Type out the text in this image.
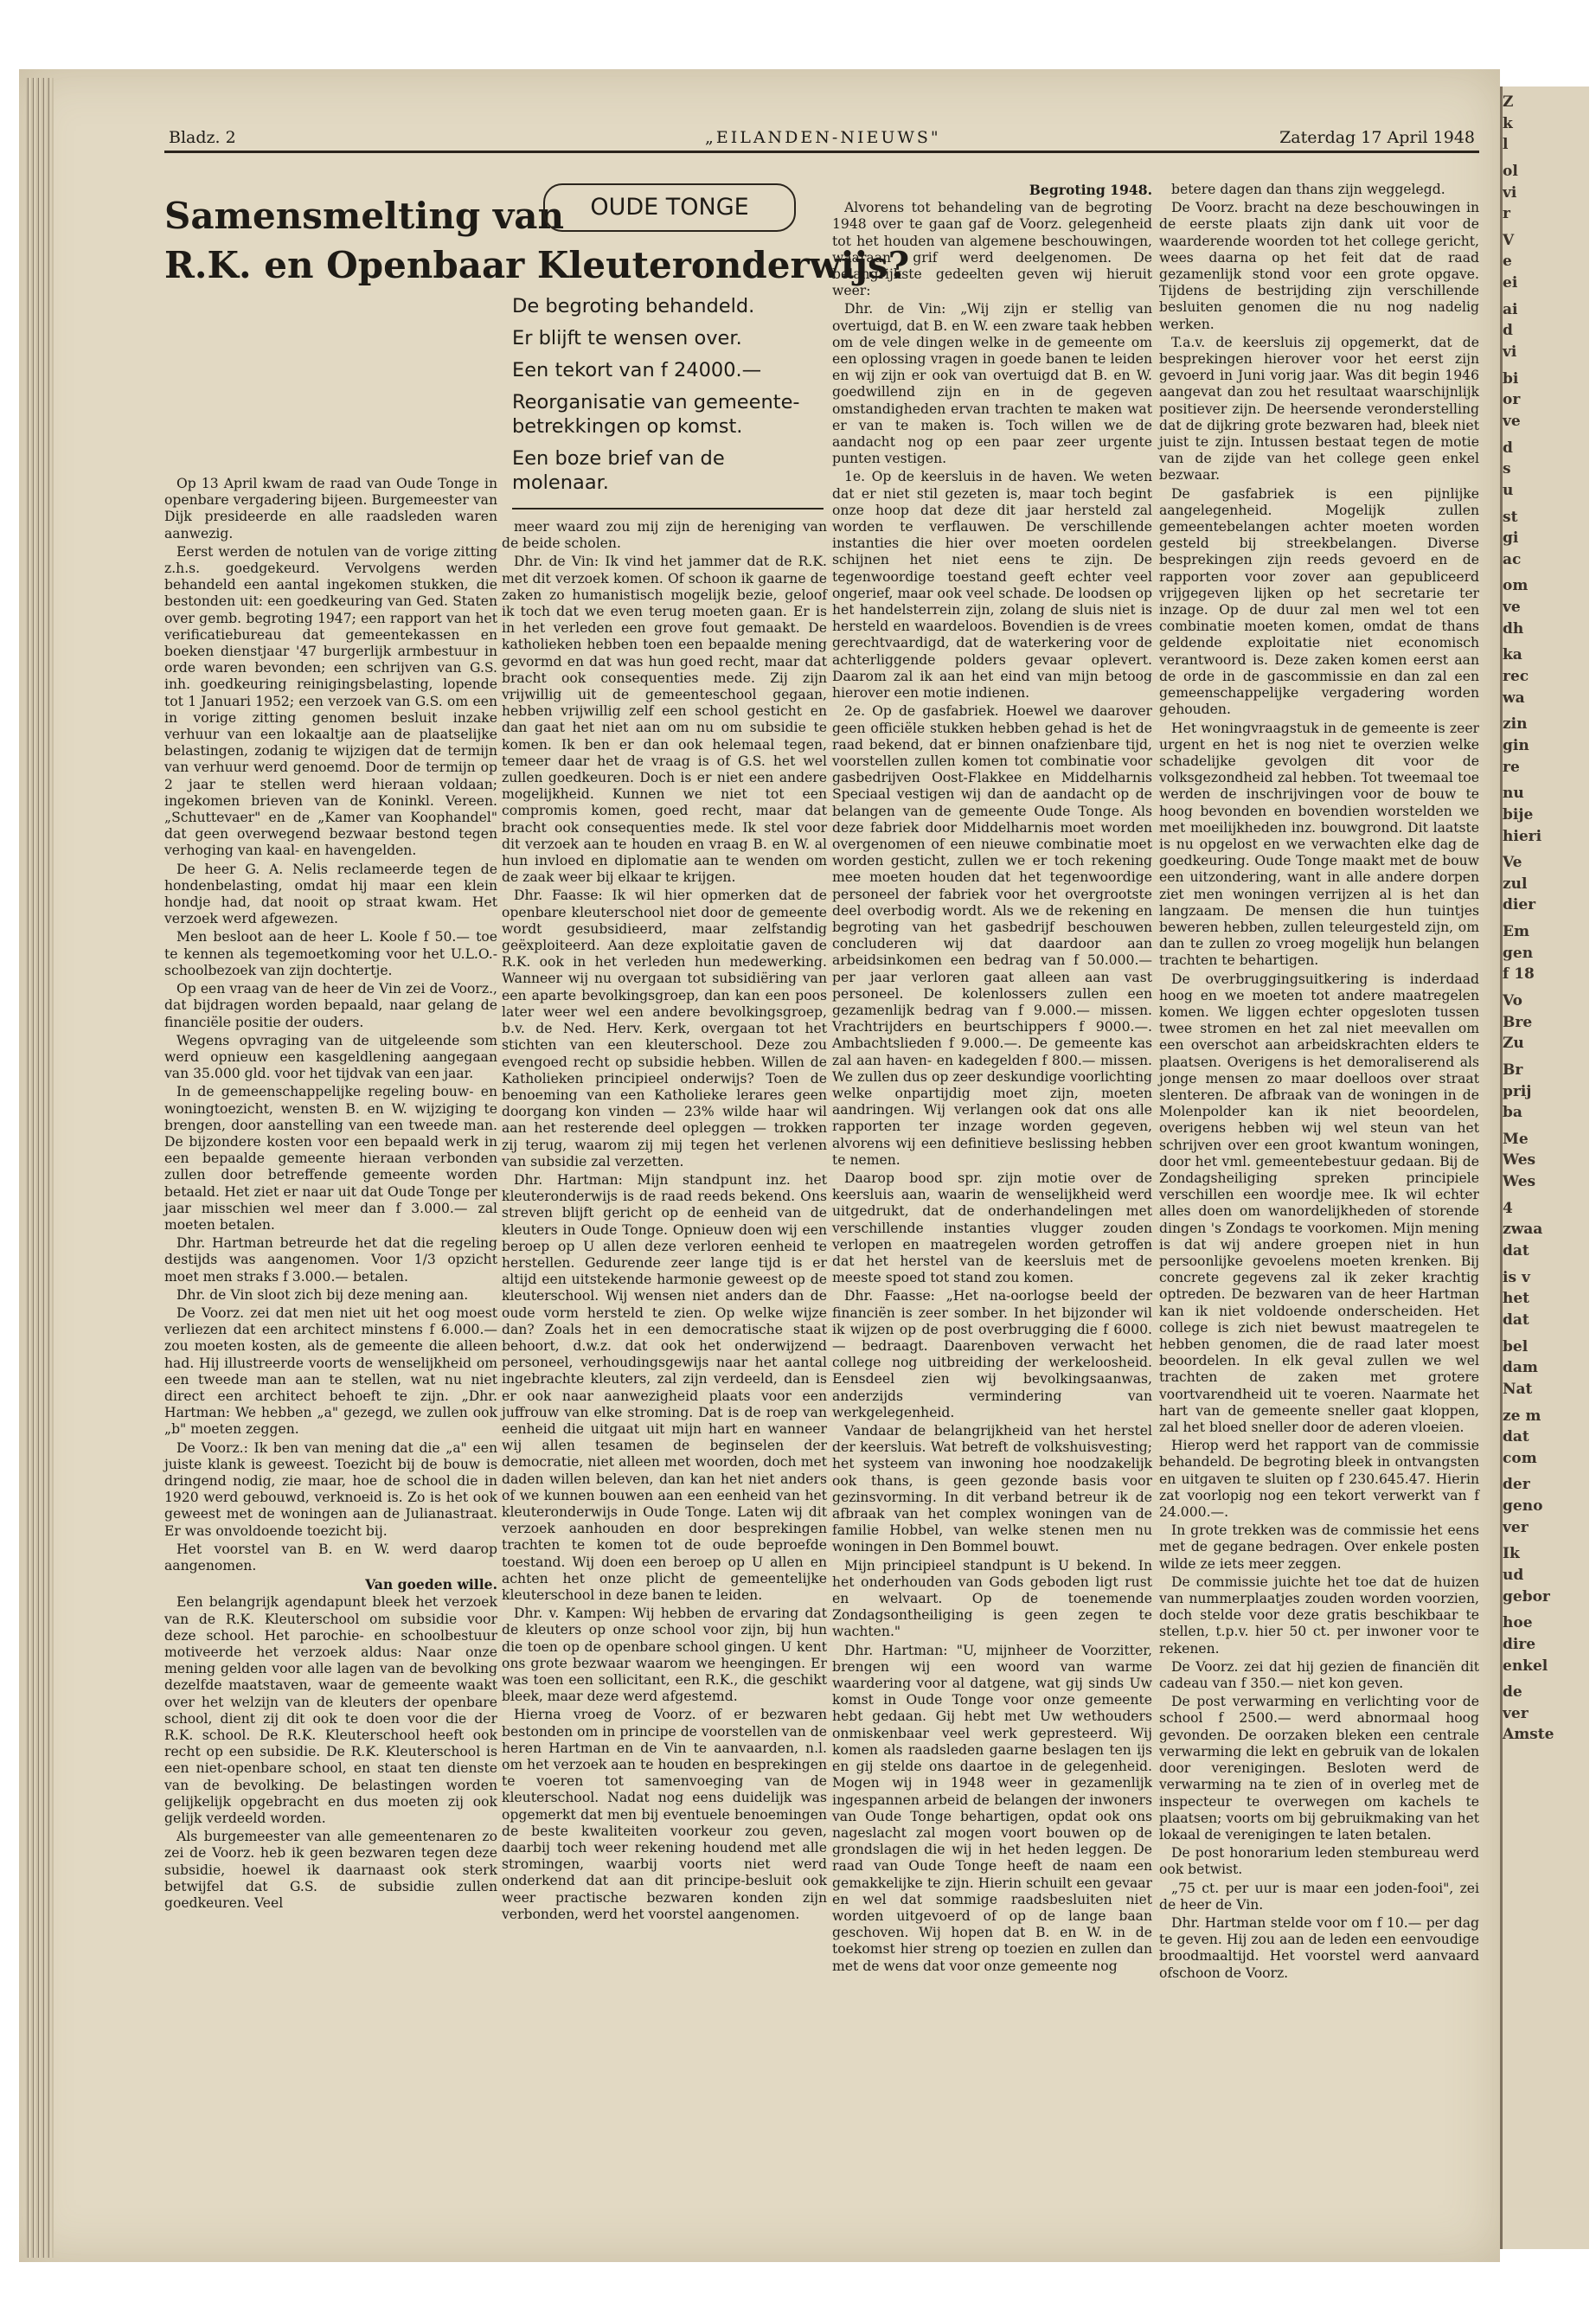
Z

k

l

ol

vi

r

V

e

ei

ai

d

vi

bi

or

ve

d

s

u

st

gi

ac

om

ve

dh

ka

rec

wa

zin

gin

re

nu

bije

hieri

Ve

zul

dier

Em

gen

f 18

Vo

Bre

Zu

Br

prij

ba

Me

Wes

Wes

4

zwaa

dat

is v

het

dat

bel

dam

Nat

ze m

dat

com

der

geno

ver

Ik

ud

gebor

hoe

dire

enkel

de

ver

Amste

Bladz. 2	„EILANDEN-NIEUWS"	Zaterdag 17 April 1948
Samensmelting van	OUDE TONGE
R.K. en Openbaar Kleuteronderwijs?
De begroting behandeld.
Er blijft te wensen over.
Een tekort van f 24000.—
Reorganisatie van gemeente-betrekkingen op komst.
Een boze brief van de molenaar.

Op 13 April kwam de raad van Oude Tonge in openbare vergadering bijeen. Burgemeester van Dijk presideerde en alle raadsleden waren aanwezig.

Eerst werden de notulen van de vorige zitting z.h.s. goedgekeurd. Vervolgens werden behandeld een aantal ingekomen stukken, die bestonden uit: een goedkeuring van Ged. Staten over gemb. begroting 1947; een rapport van het verificatiebureau dat gemeentekassen en boeken dienstjaar '47 burgerlijk armbestuur in orde waren bevonden; een schrijven van G.S. inh. goedkeuring reinigingsbelasting, lopende tot 1 Januari 1952; een verzoek van G.S. om een in vorige zitting genomen besluit inzake verhuur van een lokaaltje aan de plaatselijke belastingen, zodanig te wijzigen dat de termijn van verhuur werd genoemd. Door de termijn op 2 jaar te stellen werd hieraan voldaan; ingekomen brieven van de Koninkl. Vereen. „Schuttevaer" en de „Kamer van Koophandel" dat geen overwegend bezwaar bestond tegen verhoging van kaal- en havengelden.

De heer G. A. Nelis reclameerde tegen de hondenbelasting, omdat hij maar een klein hondje had, dat nooit op straat kwam. Het verzoek werd afgewezen.

Men besloot aan de heer L. Koole f 50.— toe te kennen als tegemoetkoming voor het U.L.O.-schoolbezoek van zijn dochtertje.

Op een vraag van de heer de Vin zei de Voorz., dat bijdragen worden bepaald, naar gelang de financiële positie der ouders.

Wegens opvraging van de uitgeleende som werd opnieuw een kasgeldlening aangegaan van 35.000 gld. voor het tijdvak van een jaar.

In de gemeenschappelijke regeling bouw- en woningtoezicht, wensten B. en W. wijziging te brengen, door aanstelling van een tweede man. De bijzondere kosten voor een bepaald werk in een bepaalde gemeente hieraan verbonden zullen door betreffende gemeente worden betaald. Het ziet er naar uit dat Oude Tonge per jaar misschien wel meer dan f 3.000.— zal moeten betalen.

Dhr. Hartman betreurde het dat die regeling destijds was aangenomen. Voor 1/3 opzicht moet men straks f 3.000.— betalen.

Dhr. de Vin sloot zich bij deze mening aan.

De Voorz. zei dat men niet uit het oog moest verliezen dat een architect minstens f 6.000.— zou moeten kosten, als de gemeente die alleen had. Hij illustreerde voorts de wenselijkheid om een tweede man aan te stellen, wat nu niet direct een architect behoeft te zijn. „Dhr. Hartman: We hebben „a" gezegd, we zullen ook „b" moeten zeggen.

De Voorz.: Ik ben van mening dat die „a" een juiste klank is geweest. Toezicht bij de bouw is dringend nodig, zie maar, hoe de school die in 1920 werd gebouwd, verknoeid is. Zo is het ook geweest met de woningen aan de Julianastraat. Er was onvoldoende toezicht bij.

Het voorstel van B. en W. werd daarop aangenomen.

Van goeden wille.

Een belangrijk agendapunt bleek het verzoek van de R.K. Kleuterschool om subsidie voor deze school. Het parochie- en schoolbestuur motiveerde het verzoek aldus: Naar onze mening gelden voor alle lagen van de bevolking dezelfde maatstaven, waar de gemeente waakt over het welzijn van de kleuters der openbare school, dient zij dit ook te doen voor die der R.K. school. De R.K. Kleuterschool heeft ook recht op een subsidie. De R.K. Kleuterschool is een niet-openbare school, en staat ten dienste van de bevolking. De belastingen worden gelijkelijk opgebracht en dus moeten zij ook gelijk verdeeld worden.

Als burgemeester van alle gemeentenaren zo zei de Voorz. heb ik geen bezwaren tegen deze subsidie, hoewel ik daarnaast ook sterk betwijfel dat G.S. de subsidie zullen goedkeuren. Veel

meer waard zou mij zijn de hereniging van de beide scholen.

Dhr. de Vin: Ik vind het jammer dat de R.K. met dit verzoek komen. Of schoon ik gaarne de zaken zo humanistisch mogelijk bezie, geloof ik toch dat we even terug moeten gaan. Er is in het verleden een grove fout gemaakt. De katholieken hebben toen een bepaalde mening gevormd en dat was hun goed recht, maar dat bracht ook consequenties mede. Zij zijn vrijwillig uit de gemeenteschool gegaan, hebben vrijwillig zelf een school gesticht en dan gaat het niet aan om nu om subsidie te komen. Ik ben er dan ook helemaal tegen, temeer daar het de vraag is of G.S. het wel zullen goedkeuren. Doch is er niet een andere mogelijkheid. Kunnen we niet tot een compromis komen, goed recht, maar dat bracht ook consequenties mede. Ik stel voor dit verzoek aan te houden en vraag B. en W. al hun invloed en diplomatie aan te wenden om de zaak weer bij elkaar te krijgen.

Dhr. Faasse: Ik wil hier opmerken dat de openbare kleuterschool niet door de gemeente wordt gesubsidieerd, maar zelfstandig geëxploiteerd. Aan deze exploitatie gaven de R.K. ook in het verleden hun medewerking. Wanneer wij nu overgaan tot subsidiëring van een aparte bevolkingsgroep, dan kan een poos later weer wel een andere bevolkingsgroep, b.v. de Ned. Herv. Kerk, overgaan tot het stichten van een kleuterschool. Deze zou evengoed recht op subsidie hebben. Willen de Katholieken principieel onderwijs? Toen de benoeming van een Katholieke lerares geen doorgang kon vinden — 23% wilde haar wil aan het resterende deel opleggen — trokken zij terug, waarom zij mij tegen het verlenen van subsidie zal verzetten.

Dhr. Hartman: Mijn standpunt inz. het kleuteronderwijs is de raad reeds bekend. Ons streven blijft gericht op de eenheid van de kleuters in Oude Tonge. Opnieuw doen wij een beroep op U allen deze verloren eenheid te herstellen. Gedurende zeer lange tijd is er altijd een uitstekende harmonie geweest op de kleuterschool. Wij wensen niet anders dan de oude vorm hersteld te zien. Op welke wijze dan? Zoals het in een democratische staat behoort, d.w.z. dat ook het onderwijzend personeel, verhoudingsgewijs naar het aantal ingebrachte kleuters, zal zijn verdeeld, dan is er ook naar aanwezigheid plaats voor een juffrouw van elke stroming. Dat is de roep van eenheid die uitgaat uit mijn hart en wanneer wij allen tesamen de beginselen der democratie, niet alleen met woorden, doch met daden willen beleven, dan kan het niet anders of we kunnen bouwen aan een eenheid van het kleuteronderwijs in Oude Tonge. Laten wij dit verzoek aanhouden en door besprekingen trachten te komen tot de oude beproefde toestand. Wij doen een beroep op U allen en achten het onze plicht de gemeentelijke kleuterschool in deze banen te leiden.

Dhr. v. Kampen: Wij hebben de ervaring dat de kleuters op onze school voor zijn, bij hun die toen op de openbare school gingen. U kent ons grote bezwaar waarom we heengingen. Er was toen een sollicitant, een R.K., die geschikt bleek, maar deze werd afgestemd.

Hierna vroeg de Voorz. of er bezwaren bestonden om in principe de voorstellen van de heren Hartman en de Vin te aanvaarden, n.l. om het verzoek aan te houden en besprekingen te voeren tot samenvoeging van de kleuterschool. Nadat nog eens duidelijk was opgemerkt dat men bij eventuele benoemingen de beste kwaliteiten voorkeur zou geven, daarbij toch weer rekening houdend met alle stromingen, waarbij voorts niet werd onderkend dat aan dit principe-besluit ook weer practische bezwaren konden zijn verbonden, werd het voorstel aangenomen.

Begroting 1948.

Alvorens tot behandeling van de begroting 1948 over te gaan gaf de Voorz. gelegenheid tot het houden van algemene beschouwingen, waaraan grif werd deelgenomen. De belangrijkste gedeelten geven wij hieruit weer:

Dhr. de Vin: „Wij zijn er stellig van overtuigd, dat B. en W. een zware taak hebben om de vele dingen welke in de gemeente om een oplossing vragen in goede banen te leiden en wij zijn er ook van overtuigd dat B. en W. goedwillend zijn en in de gegeven omstandigheden ervan trachten te maken wat er van te maken is. Toch willen we de aandacht nog op een paar zeer urgente punten vestigen.

1e. Op de keersluis in de haven. We weten dat er niet stil gezeten is, maar toch begint onze hoop dat deze dit jaar hersteld zal worden te verflauwen. De verschillende instanties die hier over moeten oordelen schijnen het niet eens te zijn. De tegenwoordige toestand geeft echter veel ongerief, maar ook veel schade. De loodsen op het handelsterrein zijn, zolang de sluis niet is hersteld en waardeloos. Bovendien is de vrees gerechtvaardigd, dat de waterkering voor de achterliggende polders gevaar oplevert. Daarom zal ik aan het eind van mijn betoog hierover een motie indienen.

2e. Op de gasfabriek. Hoewel we daarover geen officiële stukken hebben gehad is het de raad bekend, dat er binnen onafzienbare tijd, voorstellen zullen komen tot combinatie voor gasbedrijven Oost-Flakkee en Middelharnis Speciaal vestigen wij dan de aandacht op de belangen van de gemeente Oude Tonge. Als deze fabriek door Middelharnis moet worden overgenomen of een nieuwe combinatie moet worden gesticht, zullen we er toch rekening mee moeten houden dat het tegenwoordige personeel der fabriek voor het overgrootste deel overbodig wordt. Als we de rekening en begroting van het gasbedrijf beschouwen concluderen wij dat daardoor aan arbeidsinkomen een bedrag van f 50.000.— per jaar verloren gaat alleen aan vast personeel. De kolenlossers zullen een gezamenlijk bedrag van f 9.000.— missen. Vrachtrijders en beurtschippers f 9000.—. Ambachtslieden f 9.000.—. De gemeente kas zal aan haven- en kadegelden f 800.— missen. We zullen dus op zeer deskundige voorlichting welke onpartijdig moet zijn, moeten aandringen. Wij verlangen ook dat ons alle rapporten ter inzage worden gegeven, alvorens wij een definitieve beslissing hebben te nemen.

Daarop bood spr. zijn motie over de keersluis aan, waarin de wenselijkheid werd uitgedrukt, dat de onderhandelingen met verschillende instanties vlugger zouden verlopen en maatregelen worden getroffen dat het herstel van de keersluis met de meeste spoed tot stand zou komen.

Dhr. Faasse: „Het na-oorlogse beeld der financiën is zeer somber. In het bijzonder wil ik wijzen op de post overbrugging die f 6000.— bedraagt. Daarenboven verwacht het college nog uitbreiding der werkeloosheid. Eensdeel zien wij bevolkingsaanwas, anderzijds vermindering van werkgelegenheid.

Vandaar de belangrijkheid van het herstel der keersluis. Wat betreft de volkshuisvesting; het systeem van inwoning hoe noodzakelijk ook thans, is geen gezonde basis voor gezinsvorming. In dit verband betreur ik de afbraak van het complex woningen van de familie Hobbel, van welke stenen men nu woningen in Den Bommel bouwt.

Mijn principieel standpunt is U bekend. In het onderhouden van Gods geboden ligt rust en welvaart. Op de toenemende Zondagsontheiliging is geen zegen te wachten."

Dhr. Hartman: "U, mijnheer de Voorzitter, brengen wij een woord van warme waardering voor al datgene, wat gij sinds Uw komst in Oude Tonge voor onze gemeente hebt gedaan. Gij hebt met Uw wethouders onmiskenbaar veel werk gepresteerd. Wij komen als raadsleden gaarne beslagen ten ijs en gij stelde ons daartoe in de gelegenheid. Mogen wij in 1948 weer in gezamenlijk ingespannen arbeid de belangen der inwoners van Oude Tonge behartigen, opdat ook ons nageslacht zal mogen voort bouwen op de grondslagen die wij in het heden leggen. De raad van Oude Tonge heeft de naam een gemakkelijke te zijn. Hierin schuilt een gevaar en wel dat sommige raadsbesluiten niet worden uitgevoerd of op de lange baan geschoven. Wij hopen dat B. en W. in de toekomst hier streng op toezien en zullen dan met de wens dat voor onze gemeente nog

betere dagen dan thans zijn weggelegd.

De Voorz. bracht na deze beschouwingen in de eerste plaats zijn dank uit voor de waarderende woorden tot het college gericht, wees daarna op het feit dat de raad gezamenlijk stond voor een grote opgave. Tijdens de bestrijding zijn verschillende besluiten genomen die nu nog nadelig werken.

T.a.v. de keersluis zij opgemerkt, dat de besprekingen hierover voor het eerst zijn gevoerd in Juni vorig jaar. Was dit begin 1946 aangevat dan zou het resultaat waarschijnlijk positiever zijn. De heersende veronderstelling dat de dijkring grote bezwaren had, bleek niet juist te zijn. Intussen bestaat tegen de motie van de zijde van het college geen enkel bezwaar.

De gasfabriek is een pijnlijke aangelegenheid. Mogelijk zullen gemeentebelangen achter moeten worden gesteld bij streekbelangen. Diverse besprekingen zijn reeds gevoerd en de rapporten voor zover aan gepubliceerd vrijgegeven lijken op het secretarie ter inzage. Op de duur zal men wel tot een combinatie moeten komen, omdat de thans geldende exploitatie niet economisch verantwoord is. Deze zaken komen eerst aan de orde in de gascommissie en dan zal een gemeenschappelijke vergadering worden gehouden.

Het woningvraagstuk in de gemeente is zeer urgent en het is nog niet te overzien welke schadelijke gevolgen dit voor de volksgezondheid zal hebben. Tot tweemaal toe werden de inschrijvingen voor de bouw te hoog bevonden en bovendien worstelden we met moeilijkheden inz. bouwgrond. Dit laatste is nu opgelost en we verwachten elke dag de goedkeuring. Oude Tonge maakt met de bouw een uitzondering, want in alle andere dorpen ziet men woningen verrijzen al is het dan langzaam. De mensen die hun tuintjes beweren hebben, zullen teleurgesteld zijn, om dan te zullen zo vroeg mogelijk hun belangen trachten te behartigen.

De overbruggingsuitkering is inderdaad hoog en we moeten tot andere maatregelen komen. We liggen echter opgesloten tussen twee stromen en het zal niet meevallen om een overschot aan arbeidskrachten elders te plaatsen. Overigens is het demoraliserend als jonge mensen zo maar doelloos over straat slenteren. De afbraak van de woningen in de Molenpolder kan ik niet beoordelen, overigens hebben wij wel steun van het schrijven over een groot kwantum woningen, door het vml. gemeentebestuur gedaan. Bij de Zondagsheiliging spreken principiele verschillen een woordje mee. Ik wil echter alles doen om wanordelijkheden of storende dingen 's Zondags te voorkomen. Mijn mening is dat wij andere groepen niet in hun persoonlijke gevoelens moeten krenken. Bij concrete gegevens zal ik zeker krachtig optreden. De bezwaren van de heer Hartman kan ik niet voldoende onderscheiden. Het college is zich niet bewust maatregelen te hebben genomen, die de raad later moest beoordelen. In elk geval zullen we wel trachten de zaken met grotere voortvarendheid uit te voeren. Naarmate het hart van de gemeente sneller gaat kloppen, zal het bloed sneller door de aderen vloeien.

Hierop werd het rapport van de commissie behandeld. De begroting bleek in ontvangsten en uitgaven te sluiten op f 230.645.47. Hierin zat voorlopig nog een tekort verwerkt van f 24.000.—.

In grote trekken was de commissie het eens met de gegane bedragen. Over enkele posten wilde ze iets meer zeggen.

De commissie juichte het toe dat de huizen van nummerplaatjes zouden worden voorzien, doch stelde voor deze gratis beschikbaar te stellen, t.p.v. hier 50 ct. per inwoner voor te rekenen.

De Voorz. zei dat hij gezien de financiën dit cadeau van f 350.— niet kon geven.

De post verwarming en verlichting voor de school f 2500.— werd abnormaal hoog gevonden. De oorzaken bleken een centrale verwarming die lekt en gebruik van de lokalen door verenigingen. Besloten werd de verwarming na te zien of in overleg met de inspecteur te overwegen om kachels te plaatsen; voorts om bij gebruikmaking van het lokaal de verenigingen te laten betalen.

De post honorarium leden stembureau werd ook betwist.

„75 ct. per uur is maar een joden-fooi", zei de heer de Vin.

Dhr. Hartman stelde voor om f 10.— per dag te geven. Hij zou aan de leden een eenvoudige broodmaaltijd. Het voorstel werd aanvaard ofschoon de Voorz.
